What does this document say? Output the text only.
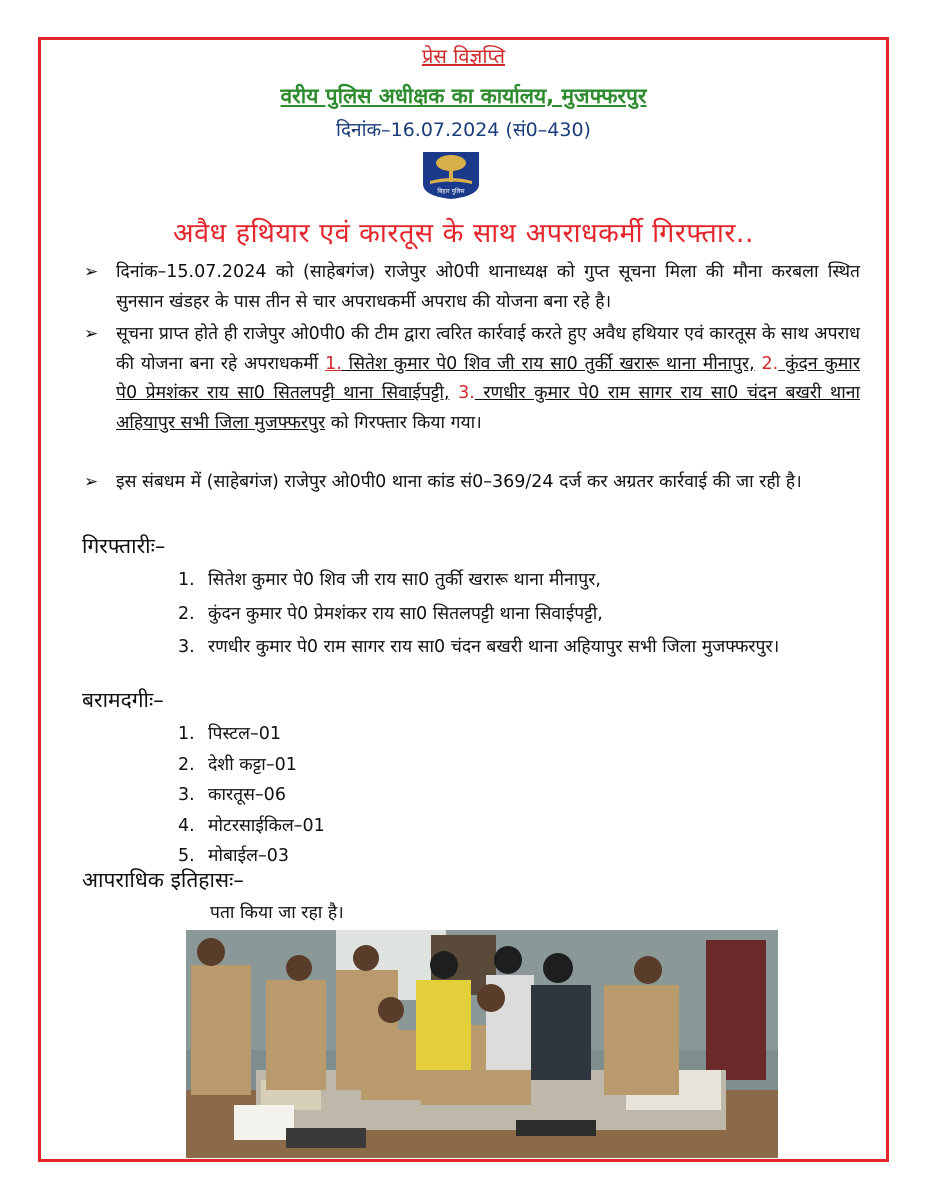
प्रेस विज्ञप्ति
वरीय पुलिस अधीक्षक का कार्यालय, मुजफ्फरपुर
दिनांक–16.07.2024 (सं0–430)
बिहार पुलिस
अवैध हथियार एवं कारतूस के साथ अपराधकर्मी गिरफ्तार..
➢ दिनांक–15.07.2024 को (साहेबगंज) राजेपुर ओ0पी थानाध्यक्ष को गुप्त सूचना मिला की मौना करबला स्थित सुनसान खंडहर के पास तीन से चार अपराधकर्मी अपराध की योजना बना रहे है।
➢ सूचना प्राप्त होते ही राजेपुर ओ0पी0 की टीम द्वारा त्वरित कार्रवाई करते हुए अवैध हथियार एवं कारतूस के साथ अपराध की योजना बना रहे अपराधकर्मी 1. सितेश कुमार पे0 शिव जी राय सा0 तुर्की खरारू थाना मीनापुर, 2. कुंदन कुमार पे0 प्रेमशंकर राय सा0 सितलपट्टी थाना सिवाईपट्टी, 3. रणधीर कुमार पे0 राम सागर राय सा0 चंदन बखरी थाना अहियापुर सभी जिला मुजफ्फरपुर को गिरफ्तार किया गया।
➢ इस संबधम में (साहेबगंज) राजेपुर ओ0पी0 थाना कांड सं0–369/24 दर्ज कर अग्रतर कार्रवाई की जा रही है।
गिरफ्तारीः–
1. सितेश कुमार पे0 शिव जी राय सा0 तुर्की खरारू थाना मीनापुर,
2. कुंदन कुमार पे0 प्रेमशंकर राय सा0 सितलपट्टी थाना सिवाईपट्टी,
3. रणधीर कुमार पे0 राम सागर राय सा0 चंदन बखरी थाना अहियापुर सभी जिला मुजफ्फरपुर।
बरामदगीः–
1. पिस्टल–01
2. देशी कट्टा–01
3. कारतूस–06
4. मोटरसाईकिल–01
5. मोबाईल–03
आपराधिक इतिहासः–
पता किया जा रहा है।
